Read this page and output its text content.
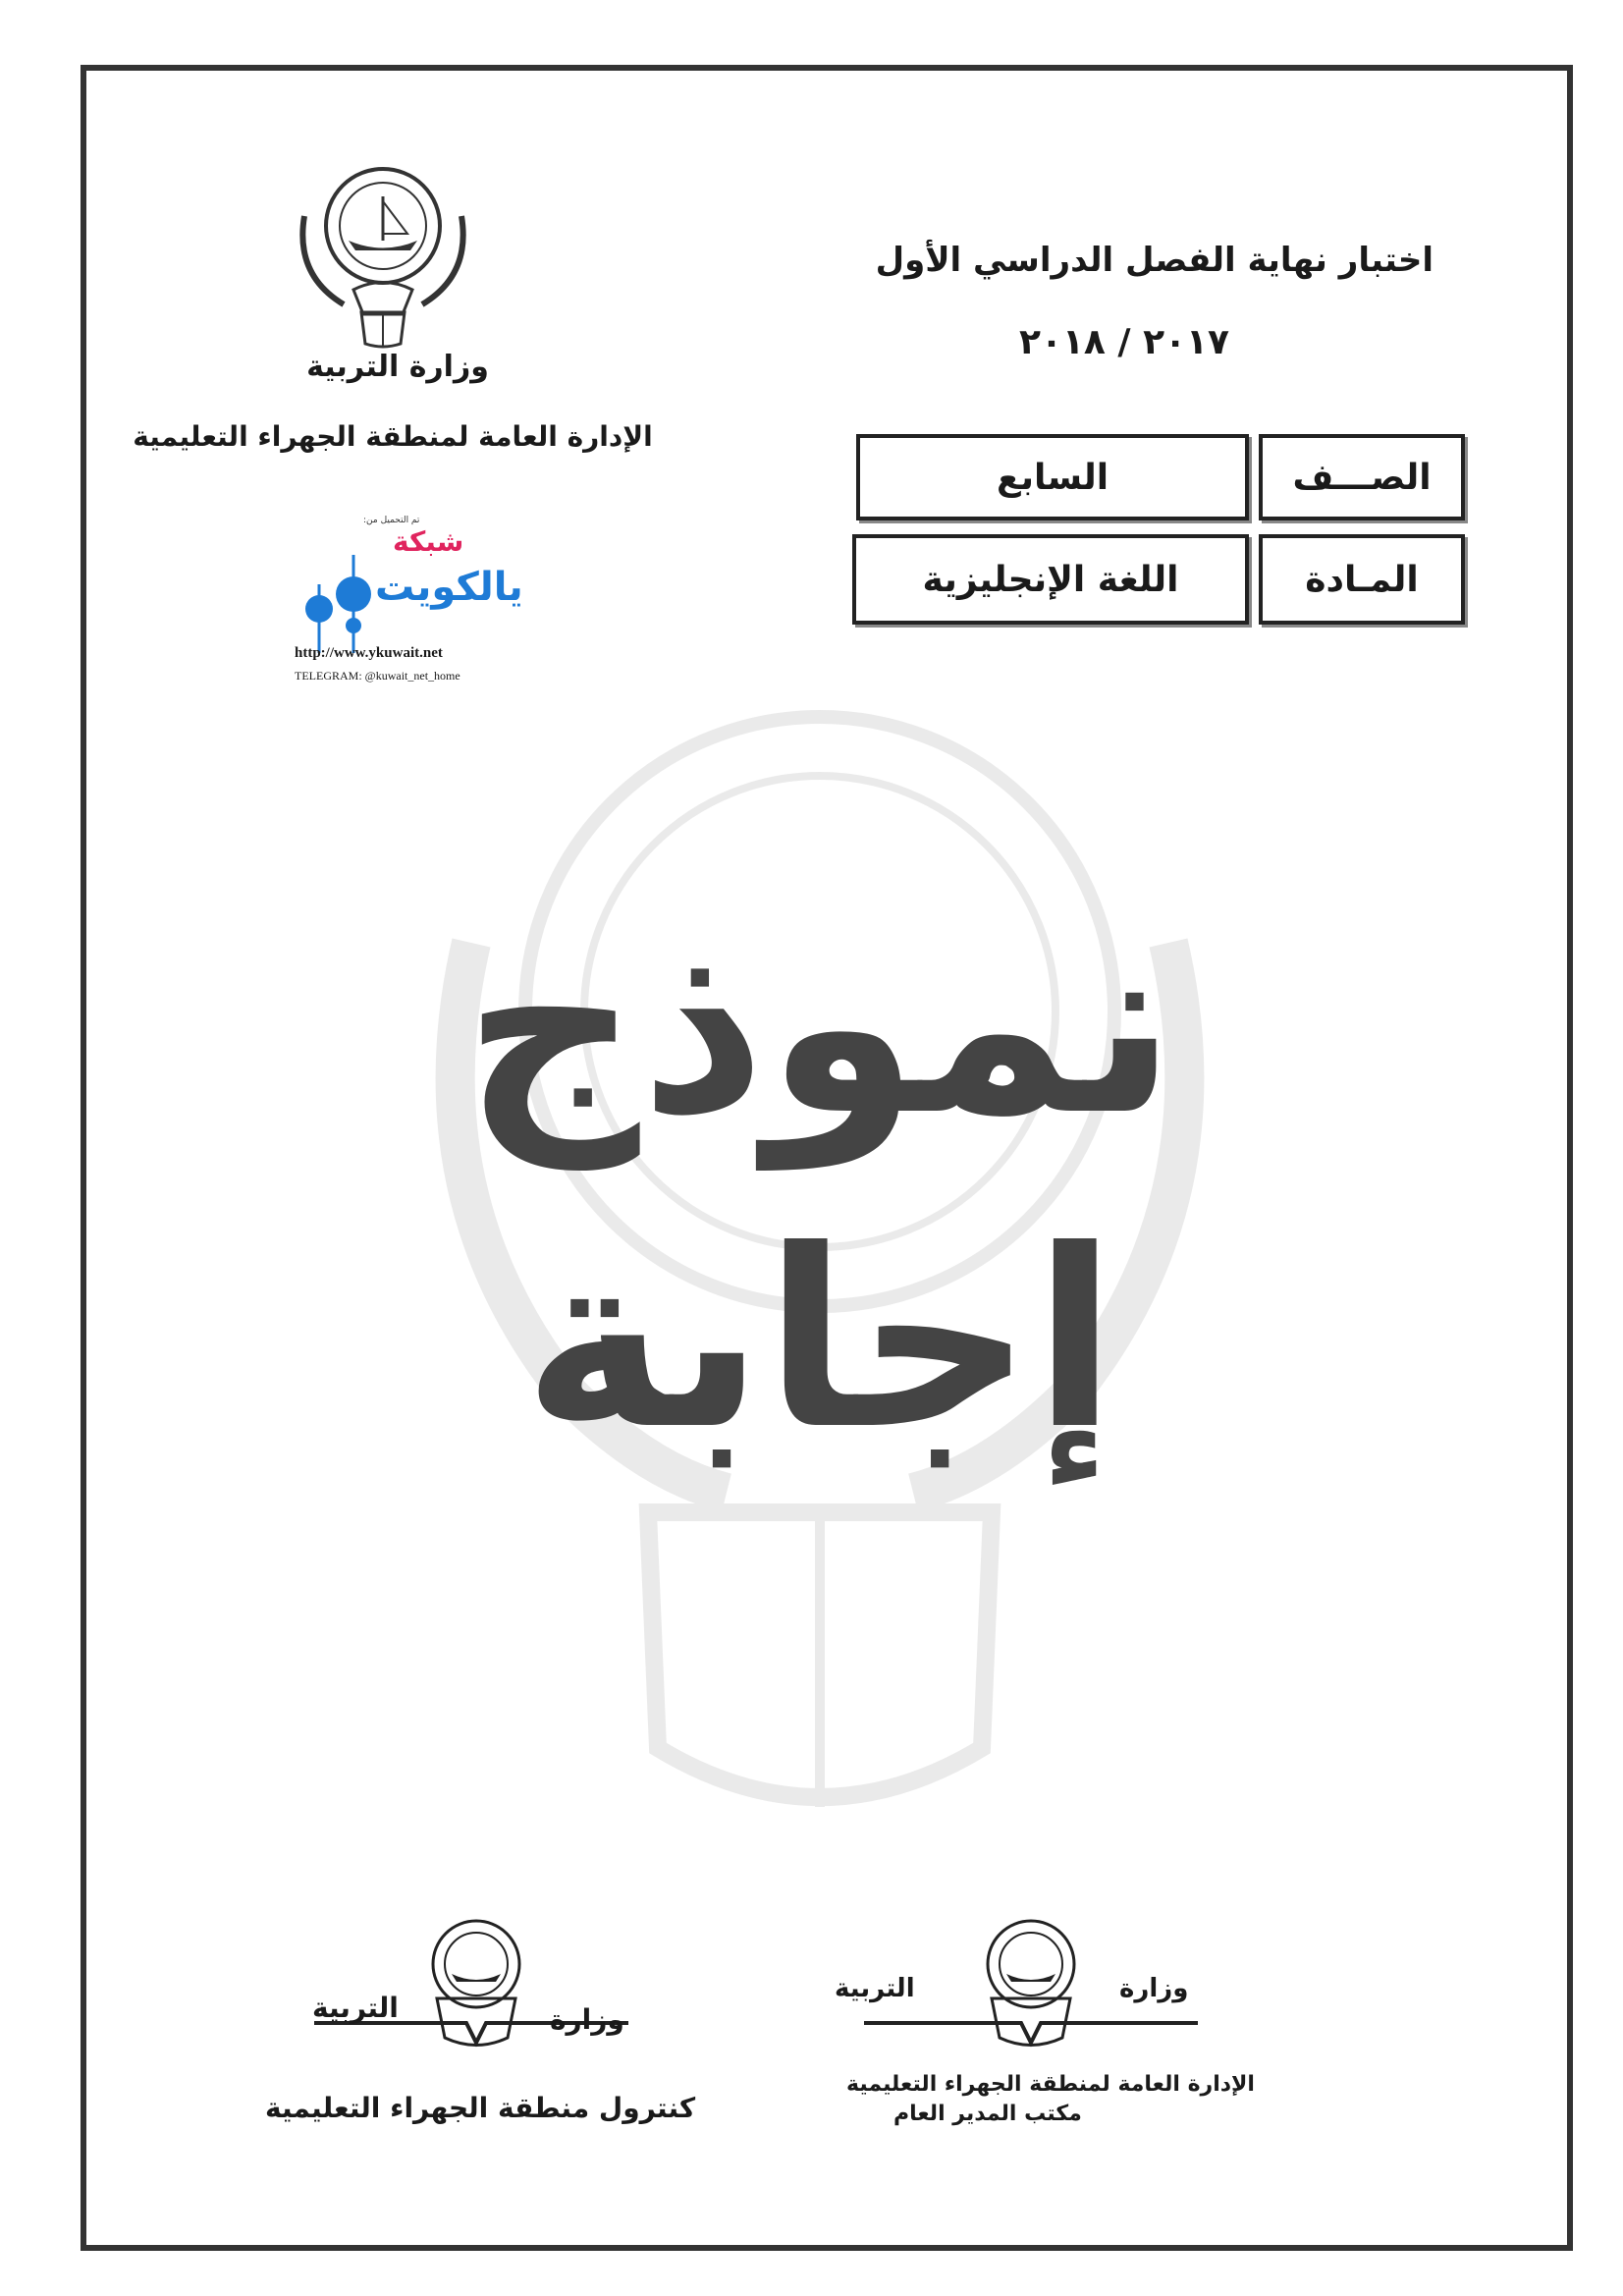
وزارة التربية
الإدارة العامة لمنطقة الجهراء التعليمية
اختبار نهاية الفصل الدراسي الأول
٢٠١٧ / ٢٠١٨
الصـــف
السابع
المـادة
اللغة الإنجليزية
تم التحميل من:
شبكة
يالكويت
http://www.ykuwait.net
TELEGRAM: @kuwait_net_home
نموذج
إجابة
وزارة
التربية
الإدارة العامة لمنطقة الجهراء التعليمية
مكتب المدير العام
وزارة
التربية
كنترول منطقة الجهراء التعليمية
